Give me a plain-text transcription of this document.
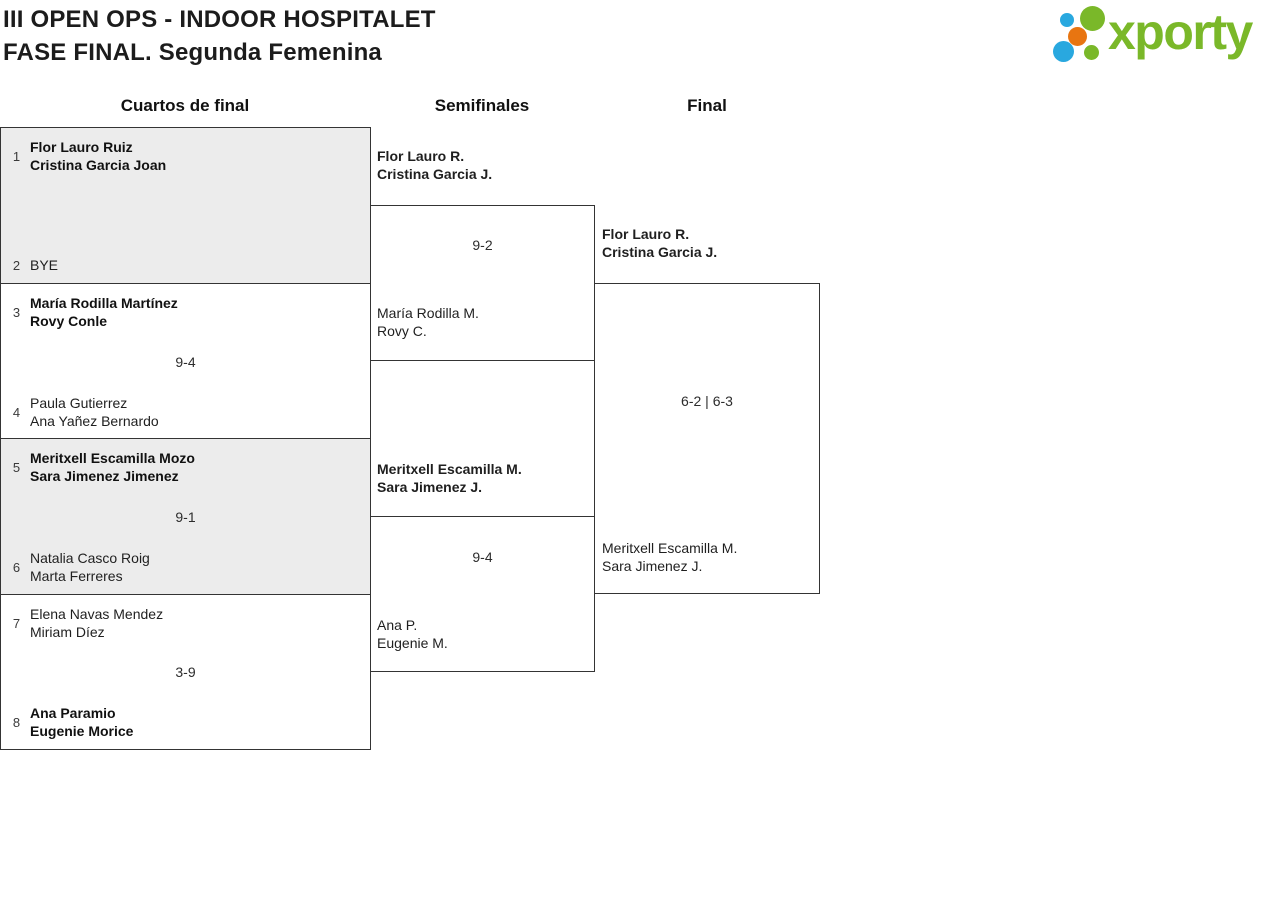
III OPEN OPS - INDOOR HOSPITALET
FASE FINAL. Segunda Femenina	xporty
Cuartos de final	Semifinales	Final
1
Flor Lauro Ruiz
Cristina Garcia Joan
2 BYE
3
María Rodilla Martínez
Rovy Conle
9-4
4
Paula Gutierrez
Ana Yañez Bernardo
5
Meritxell Escamilla Mozo
Sara Jimenez Jimenez
9-1
6
Natalia Casco Roig
Marta Ferreres
7
Elena Navas Mendez
Miriam Díez
3-9
8
Ana Paramio
Eugenie Morice
Flor Lauro R.
Cristina Garcia J.
9-2
María Rodilla M.
Rovy C.
Meritxell Escamilla M.
Sara Jimenez J.
9-4
Ana P.
Eugenie M.
Flor Lauro R.
Cristina Garcia J.
6-2 | 6-3
Meritxell Escamilla M.
Sara Jimenez J.
